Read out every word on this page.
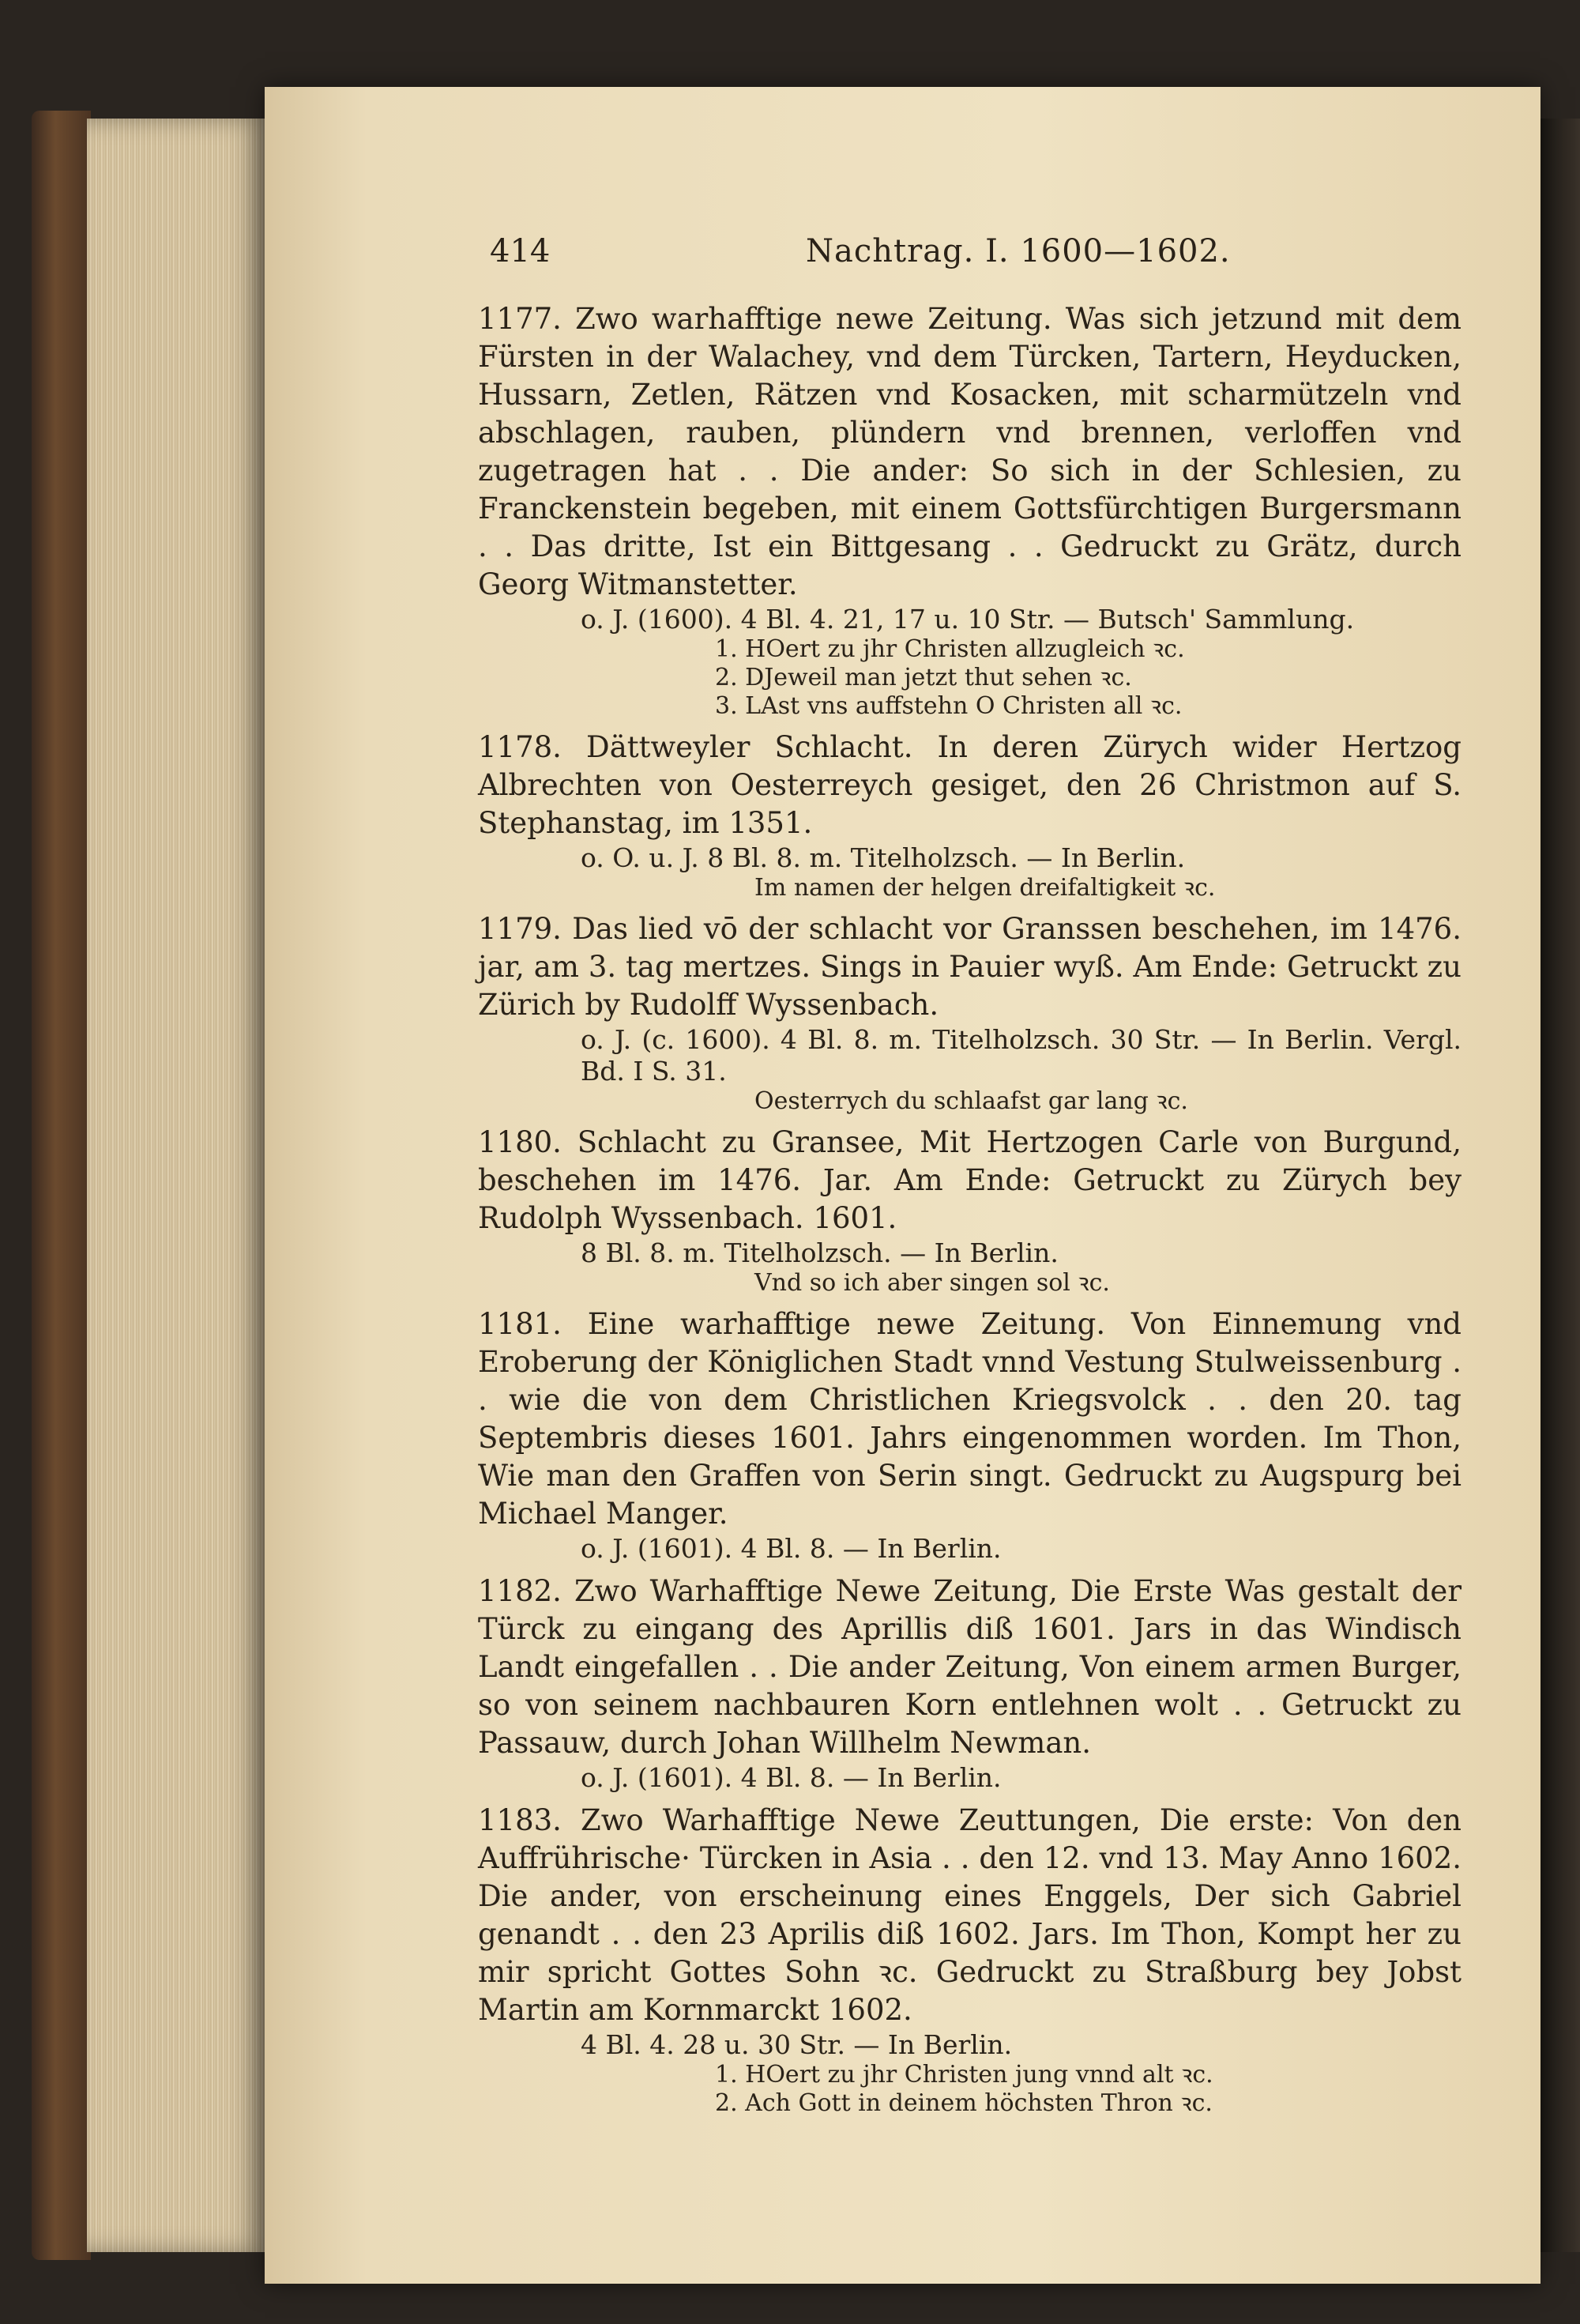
414	Nachtrag. I. 1600—1602.

1177. Zwo warhafftige newe Zeitung. Was sich jetzund mit dem Fürsten in der Walachey, vnd dem Türcken, Tartern, Heyducken, Hussarn, Zetlen, Rätzen vnd Kosacken, mit scharmützeln vnd abschlagen, rauben, plündern vnd brennen, verloffen vnd zugetragen hat . . Die ander: So sich in der Schlesien, zu Franckenstein begeben, mit einem Gottsfürchtigen Burgersmann . . Das dritte, Ist ein Bittgesang . . Gedruckt zu Grätz, durch Georg Witmanstetter.

o. J. (1600). 4 Bl. 4. 21, 17 u. 10 Str. — Butsch' Sammlung.

1. HOert zu jhr Christen allzugleich ꝛc.
2. DJeweil man jetzt thut sehen ꝛc.
3. LAst vns auffstehn O Christen all ꝛc.

1178. Dättweyler Schlacht. In deren Zürych wider Hertzog Albrechten von Oesterreych gesiget, den 26 Christmon auf S. Stephanstag, im 1351.

o. O. u. J. 8 Bl. 8. m. Titelholzsch. — In Berlin.

Im namen der helgen dreifaltigkeit ꝛc.

1179. Das lied vō der schlacht vor Granssen beschehen, im 1476. jar, am 3. tag mertzes. Sings in Pauier wyß. Am Ende: Getruckt zu Zürich by Rudolff Wyssenbach.

o. J. (c. 1600). 4 Bl. 8. m. Titelholzsch. 30 Str. — In Berlin. Vergl. Bd. I S. 31.

Oesterrych du schlaafst gar lang ꝛc.

1180. Schlacht zu Gransee, Mit Hertzogen Carle von Burgund, beschehen im 1476. Jar. Am Ende: Getruckt zu Zürych bey Rudolph Wyssenbach. 1601.

8 Bl. 8. m. Titelholzsch. — In Berlin.

Vnd so ich aber singen sol ꝛc.

1181. Eine warhafftige newe Zeitung. Von Einnemung vnd Eroberung der Königlichen Stadt vnnd Vestung Stulweissenburg . . wie die von dem Christlichen Kriegsvolck . . den 20. tag Septembris dieses 1601. Jahrs eingenommen worden. Im Thon, Wie man den Graffen von Serin singt. Gedruckt zu Augspurg bei Michael Manger.

o. J. (1601). 4 Bl. 8. — In Berlin.

1182. Zwo Warhafftige Newe Zeitung, Die Erste Was gestalt der Türck zu eingang des Aprillis diß 1601. Jars in das Windisch Landt eingefallen . . Die ander Zeitung, Von einem armen Burger, so von seinem nachbauren Korn entlehnen wolt . . Getruckt zu Passauw, durch Johan Willhelm Newman.

o. J. (1601). 4 Bl. 8. — In Berlin.

1183. Zwo Warhafftige Newe Zeuttungen, Die erste: Von den Auffrührische· Türcken in Asia . . den 12. vnd 13. May Anno 1602. Die ander, von erscheinung eines Enggels, Der sich Gabriel genandt . . den 23 Aprilis diß 1602. Jars. Im Thon, Kompt her zu mir spricht Gottes Sohn ꝛc. Gedruckt zu Straßburg bey Jobst Martin am Kornmarckt 1602.

4 Bl. 4. 28 u. 30 Str. — In Berlin.

1. HOert zu jhr Christen jung vnnd alt ꝛc.
2. Ach Gott in deinem höchsten Thron ꝛc.
